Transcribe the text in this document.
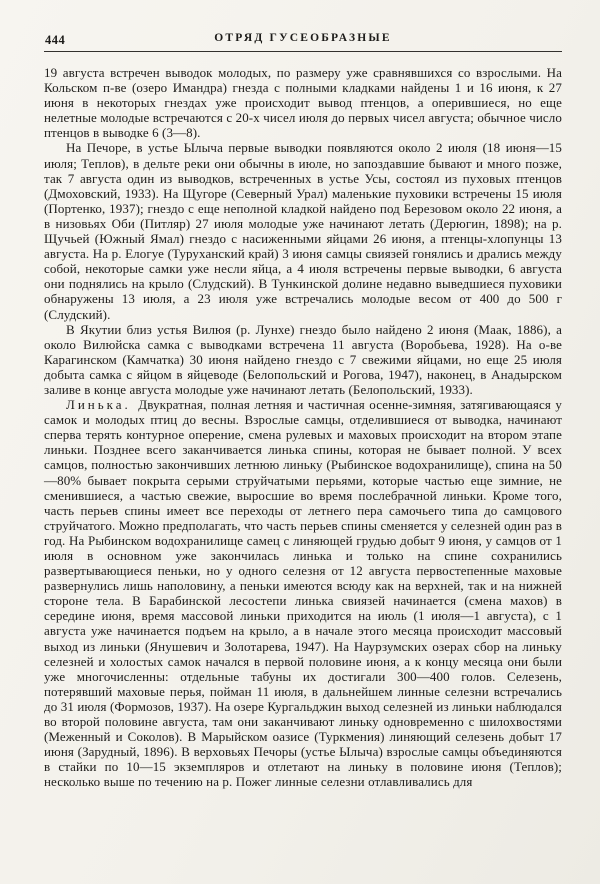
444	ОТРЯД ГУСЕОБРАЗНЫЕ

19 августа встречен выводок молодых, по размеру уже сравнявшихся со взрослыми. На Кольском п-ве (озеро Имандра) гнезда с полными кладками найдены 1 и 16 июня, к 27 июня в некоторых гнездах уже происходит вывод птенцов, а оперившиеся, но еще нелетные молодые встречаются с 20-х чисел июля до первых чисел августа; обычное число птенцов в выводке 6 (3—8).

На Печоре, в устье Ылыча первые выводки появляются около 2 июля (18 июня—15 июля; Теплов), в дельте реки они обычны в июле, но запоздавшие бывают и много позже, так 7 августа один из выводков, встреченных в устье Усы, состоял из пуховых птенцов (Дмоховский, 1933). На Щугоре (Северный Урал) маленькие пуховики встречены 15 июля (Портенко, 1937); гнездо с еще неполной кладкой найдено под Березовом около 22 июня, а в низовьях Оби (Питляр) 27 июля молодые уже начинают летать (Дерюгин, 1898); на р. Щучьей (Южный Ямал) гнездо с насиженными яйцами 26 июня, а птенцы-хлопунцы 13 августа. На р. Елогуе (Туруханский край) 3 июня самцы свиязей гонялись и дрались между собой, некоторые самки уже несли яйца, а 4 июля встречены первые выводки, 6 августа они поднялись на крыло (Слудский). В Тункинской долине недавно выведшиеся пуховики обнаружены 13 июля, а 23 июля уже встречались молодые весом от 400 до 500 г (Слудский).

В Якутии близ устья Вилюя (р. Лунхе) гнездо было найдено 2 июня (Маак, 1886), а около Вилюйска самка с выводками встречена 11 августа (Воробьева, 1928). На о-ве Карагинском (Камчатка) 30 июня найдено гнездо с 7 свежими яйцами, но еще 25 июля добыта самка с яйцом в яйцеводе (Белопольский и Рогова, 1947), наконец, в Анадырском заливе в конце августа молодые уже начинают летать (Белопольский, 1933).

Линька. Двукратная, полная летняя и частичная осенне-зимняя, затягивающаяся у самок и молодых птиц до весны. Взрослые самцы, отделившиеся от выводка, начинают сперва терять контурное оперение, смена рулевых и маховых происходит на втором этапе линьки. Позднее всего заканчивается линька спины, которая не бывает полной. У всех самцов, полностью закончивших летнюю линьку (Рыбинское водохранилище), спина на 50—80% бывает покрыта серыми струйчатыми перьями, которые частью еще зимние, не сменившиеся, а частью свежие, выросшие во время послебрачной линьки. Кроме того, часть перьев спины имеет все переходы от летнего пера самочьего типа до самцового струйчатого. Можно предполагать, что часть перьев спины сменяется у селезней один раз в год. На Рыбинском водохранилище самец с линяющей грудью добыт 9 июня, у самцов от 1 июля в основном уже закончилась линька и только на спине сохранились развертывающиеся пеньки, но у одного селезня от 12 августа первостепенные маховые развернулись лишь наполовину, а пеньки имеются всюду как на верхней, так и на нижней стороне тела. В Барабинской лесостепи линька свиязей начинается (смена махов) в середине июня, время массовой линьки приходится на июль (1 июля—1 августа), с 1 августа уже начинается подъем на крыло, а в начале этого месяца происходит массовый выход из линьки (Янушевич и Золотарева, 1947). На Наурзумских озерах сбор на линьку селезней и холостых самок начался в первой половине июня, а к концу месяца они были уже многочисленны: отдельные табуны их достигали 300—400 голов. Селезень, потерявший маховые перья, пойман 11 июля, в дальнейшем линные селезни встречались до 31 июля (Формозов, 1937). На озере Кургальджин выход селезней из линьки наблюдался во второй половине августа, там они заканчивают линьку одновременно с шилохвостями (Меженный и Соколов). В Марыйском оазисе (Туркмения) линяющий селезень добыт 17 июня (Зарудный, 1896). В верховьях Печоры (устье Ылыча) взрослые самцы объединяются в стайки по 10—15 экземпляров и отлетают на линьку в половине июня (Теплов); несколько выше по течению на р. Пожег линные селезни отлавливались для
